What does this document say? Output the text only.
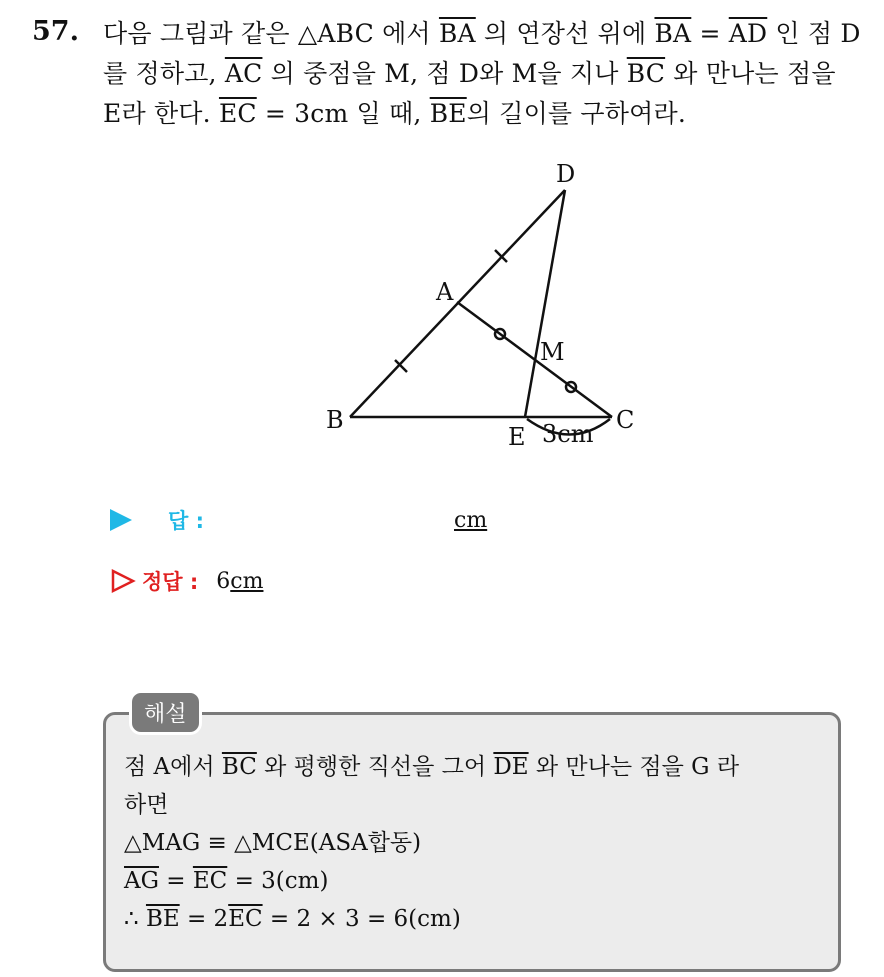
57. 다음 그림과 같은 △ABC 에서 $\overline{BA}$ 의 연장선 위에 $\overline{BA} = \overline{AD}$ 인 점 D
를 정하고, $\overline{AC}$ 의 중점을 M, 점 D와 M을 지나 $\overline{BC}$ 와 만나는 점을
E라 한다. $\overline{EC} = 3cm$ 일 때, $\overline{BE}$의 길이를 구하여라.
D
A
M
B	C
E 3cm
답 :	cm
정답 : 6 cm
해설
점 A에서 $\overline{BC}$ 와 평행한 직선을 그어 $\overline{DE}$ 와 만나는 점을 G 라
하면
△MAG ≡ △MCE(ASA합동)
$\overline{AG} = \overline{EC} = 3(cm)$
∴ $\overline{BE} = 2\overline{EC} = 2 \times 3 = 6(cm)$
